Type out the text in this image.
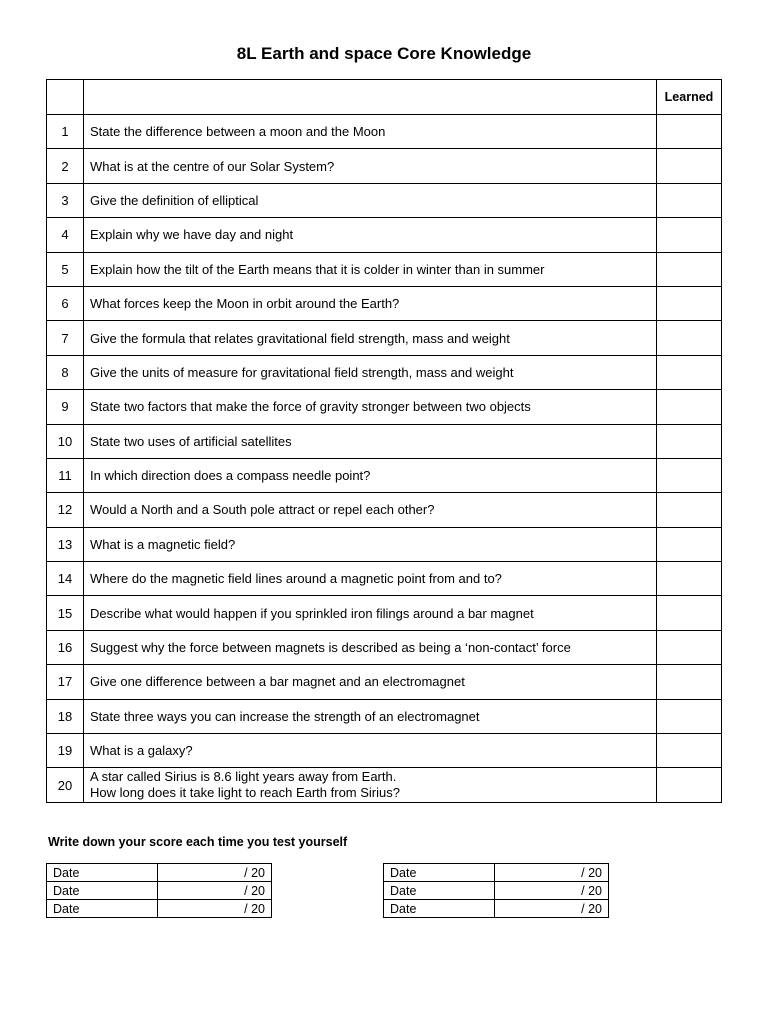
8L Earth and space Core Knowledge
		Learned
1	State the difference between a moon and the Moon	

2	What is at the centre of our Solar System?	

3	Give the definition of elliptical	

4	Explain why we have day and night	

5	Explain how the tilt of the Earth means that it is colder in winter than in summer	

6	What forces keep the Moon in orbit around the Earth?	

7	Give the formula that relates gravitational field strength, mass and weight	

8	Give the units of measure for gravitational field strength, mass and weight	

9	State two factors that make the force of gravity stronger between two objects	

10	State two uses of artificial satellites	

11	In which direction does a compass needle point?	

12	Would a North and a South pole attract or repel each other?	

13	What is a magnetic field?	

14	Where do the magnetic field lines around a magnetic point from and to?	

15	Describe what would happen if you sprinkled iron filings around a bar magnet	

16	Suggest why the force between magnets is described as being a ‘non-contact’ force	

17	Give one difference between a bar magnet and an electromagnet	

18	State three ways you can increase the strength of an electromagnet	

19	What is a galaxy?	

20	A star called Sirius is 8.6 light years away from Earth.
How long does it take light to reach Earth from Sirius?	

Write down your score each time you test yourself
Date	/ 20
Date	/ 20
Date	/ 20
Date	/ 20
Date	/ 20
Date	/ 20
